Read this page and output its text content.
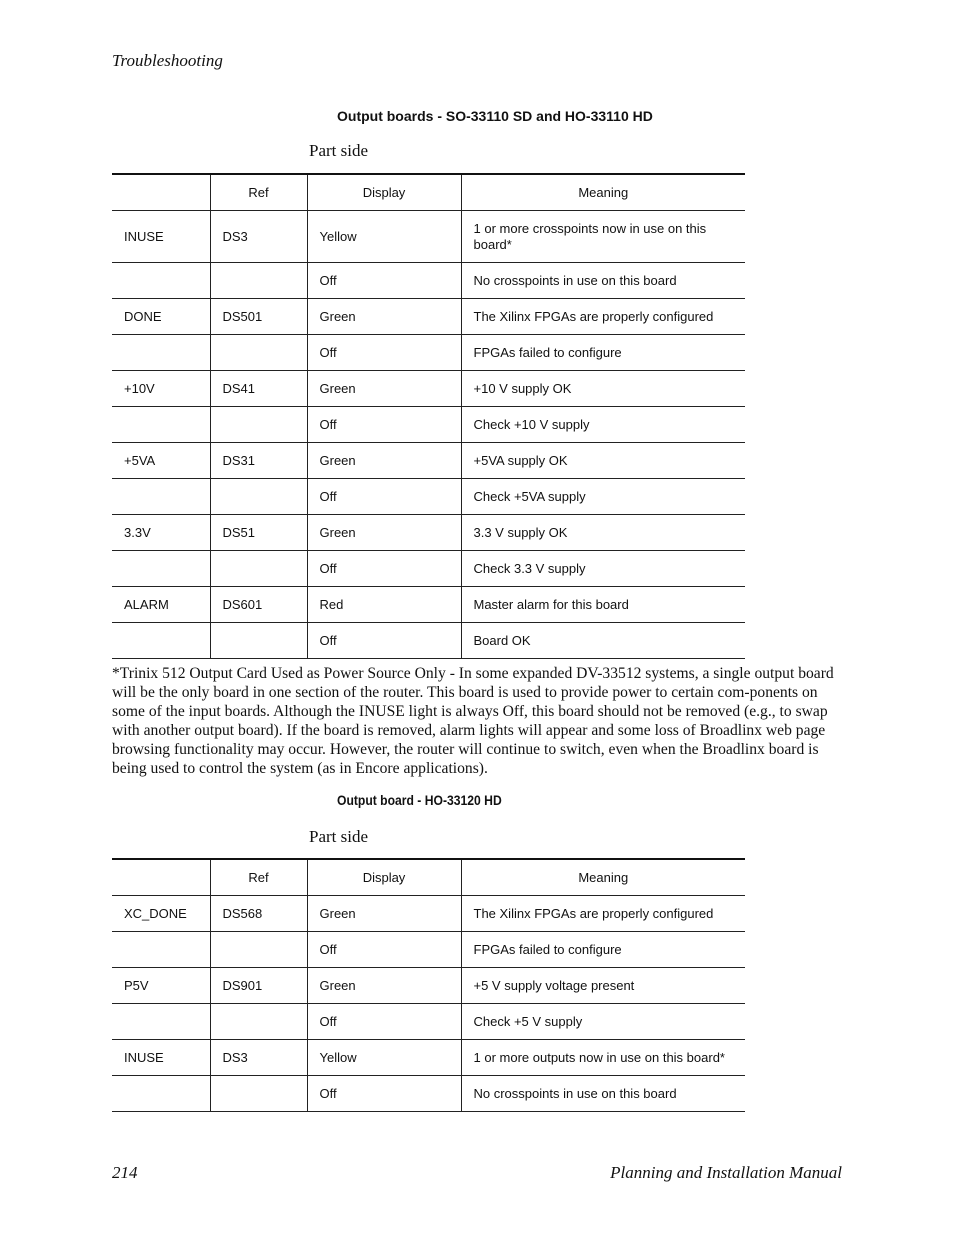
Troubleshooting
Output boards - SO-33110 SD and HO-33110 HD
Part side
	Ref	Display	Meaning
INUSE	DS3	Yellow	1 or more crosspoints now in use on this board*
		Off	No crosspoints in use on this board
DONE	DS501	Green	The Xilinx FPGAs are properly configured
		Off	FPGAs failed to configure
+10V	DS41	Green	+10 V supply OK
		Off	Check +10 V supply
+5VA	DS31	Green	+5VA supply OK
		Off	Check +5VA supply
3.3V	DS51	Green	3.3 V supply OK
		Off	Check 3.3 V supply
ALARM	DS601	Red	Master alarm for this board
		Off	Board OK
*Trinix 512 Output Card Used as Power Source Only - In some expanded DV-33512 systems, a single output board will be the only board in one section of the router. This board is used to provide power to certain com-ponents on some of the input boards. Although the INUSE light is always Off, this board should not be removed (e.g., to swap with another output board). If the board is removed, alarm lights will appear and some loss of Broadlinx web page browsing functionality may occur. However, the router will continue to switch, even when the Broadlinx board is being used to control the system (as in Encore applications).
Output board - HO-33120 HD
Part side
	Ref	Display	Meaning
XC_DONE	DS568	Green	The Xilinx FPGAs are properly configured
		Off	FPGAs failed to configure
P5V	DS901	Green	+5 V supply voltage present
		Off	Check +5 V supply
INUSE	DS3	Yellow	1 or more outputs now in use on this board*
		Off	No crosspoints in use on this board
214	Planning and Installation Manual
